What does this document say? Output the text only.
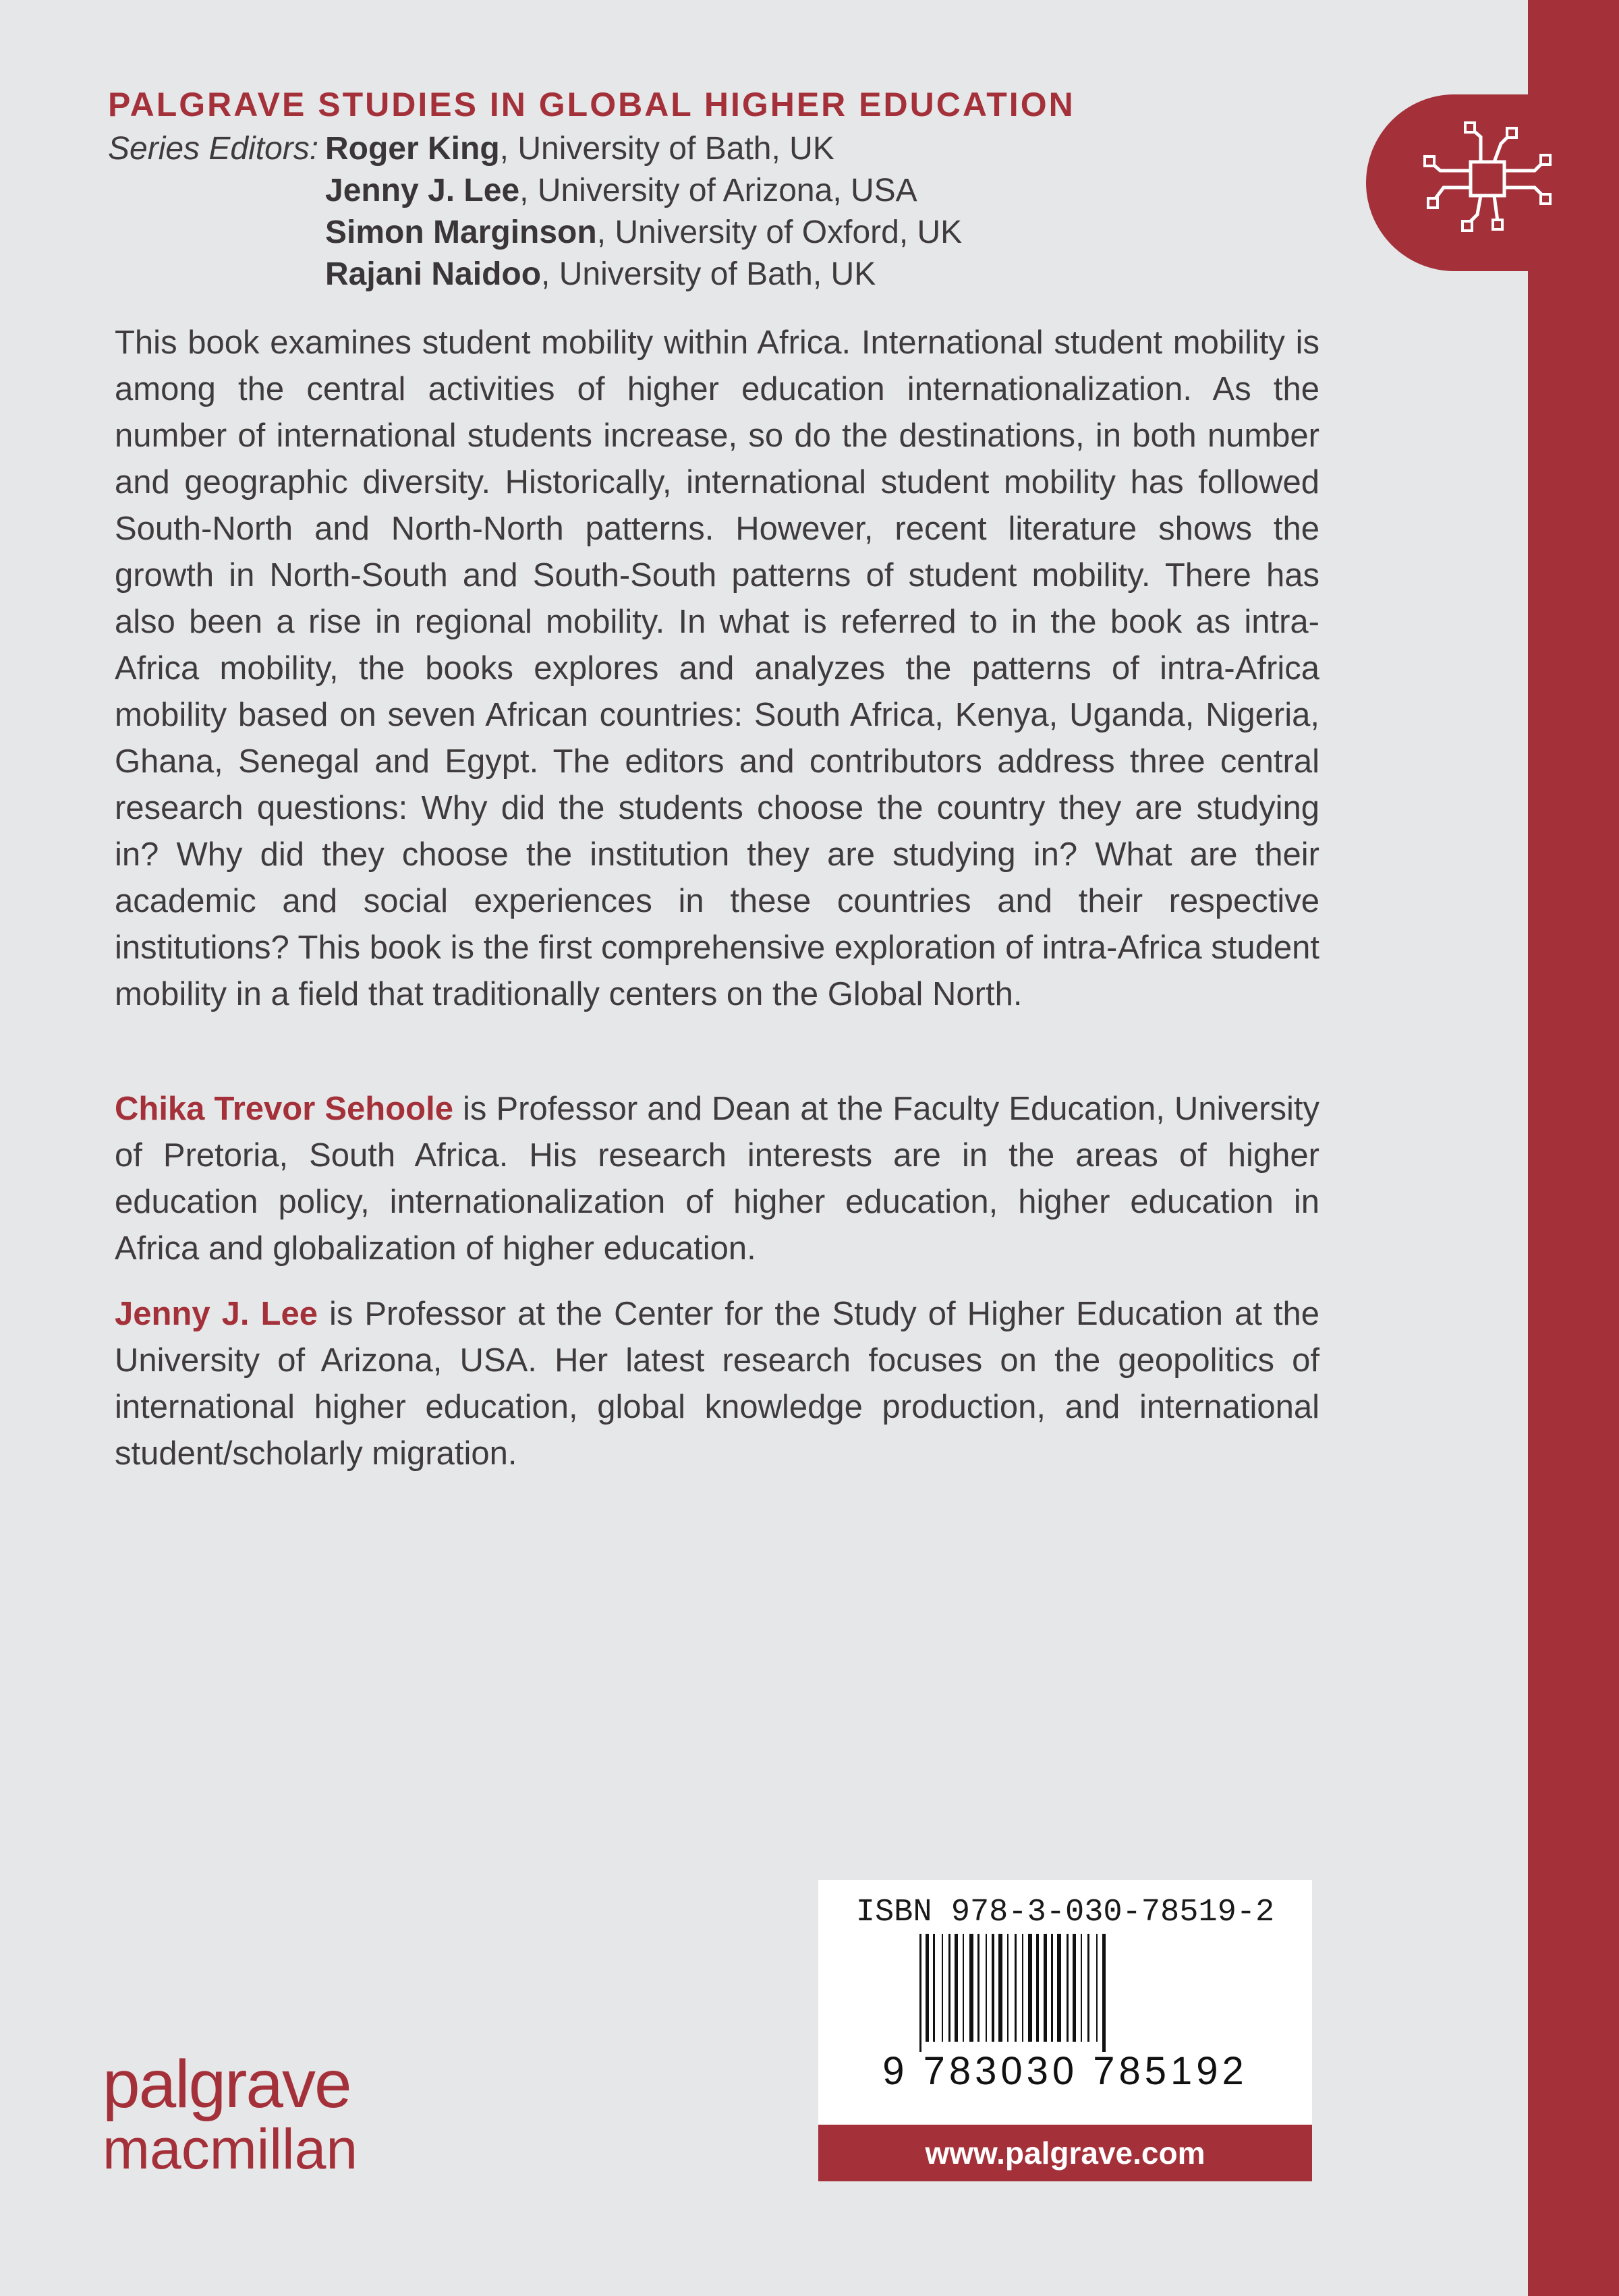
PALGRAVE STUDIES IN GLOBAL HIGHER EDUCATION
Series Editors: Roger King, University of Bath, UK
Jenny J. Lee, University of Arizona, USA
Simon Marginson, University of Oxford, UK
Rajani Naidoo, University of Bath, UK

This book examines student mobility within Africa. International student mobility is among the central activities of higher education internationalization. As the number of international students increase, so do the destinations, in both number and geographic diversity. Historically, international student mobility has followed South-North and North-North patterns. However, recent literature shows the growth in North-South and South-South patterns of student mobility. There has also been a rise in regional mobility. In what is referred to in the book as intra-Africa mobility, the books explores and analyzes the patterns of intra-Africa mobility based on seven African countries: South Africa, Kenya, Uganda, Nigeria, Ghana, Senegal and Egypt. The editors and contributors address three central research questions: Why did the students choose the country they are studying in? Why did they choose the institution they are studying in? What are their academic and social experiences in these countries and their respective institutions? This book is the first comprehensive exploration of intra-Africa student mobility in a field that traditionally centers on the Global North.

Chika Trevor Sehoole is Professor and Dean at the Faculty Education, University of Pretoria, South Africa. His research interests are in the areas of higher education policy, internationalization of higher education, higher education in Africa and globalization of higher education.

Jenny J. Lee is Professor at the Center for the Study of Higher Education at the University of Arizona, USA. Her latest research focuses on the geopolitics of international higher education, global knowledge production, and international student/scholarly migration.

ISBN 978-3-030-78519-2
9 783030 785192
www.palgrave.com
palgrave
macmillan
